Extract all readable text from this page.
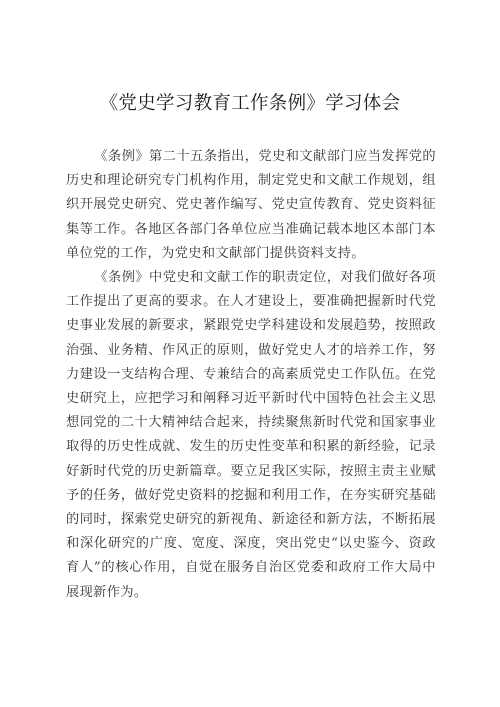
《党史学习教育工作条例》学习体会

《条例》第二十五条指出，党史和文献部门应当发挥党的历史和理论研究专门机构作用，制定党史和文献工作规划，组织开展党史研究、党史著作编写、党史宣传教育、党史资料征集等工作。各地区各部门各单位应当准确记载本地区本部门本单位党的工作，为党史和文献部门提供资料支持。

《条例》中党史和文献工作的职责定位，对我们做好各项工作提出了更高的要求。在人才建设上，要准确把握新时代党史事业发展的新要求，紧跟党史学科建设和发展趋势，按照政治强、业务精、作风正的原则，做好党史人才的培养工作，努力建设一支结构合理、专兼结合的高素质党史工作队伍。在党史研究上，应把学习和阐释习近平新时代中国特色社会主义思想同党的二十大精神结合起来，持续聚焦新时代党和国家事业取得的历史性成就、发生的历史性变革和积累的新经验，记录好新时代党的历史新篇章。要立足我区实际，按照主责主业赋予的任务，做好党史资料的挖掘和利用工作，在夯实研究基础的同时，探索党史研究的新视角、新途径和新方法，不断拓展和深化研究的广度、宽度、深度，突出党史“以史鉴今、资政育人”的核心作用，自觉在服务自治区党委和政府工作大局中展现新作为。
